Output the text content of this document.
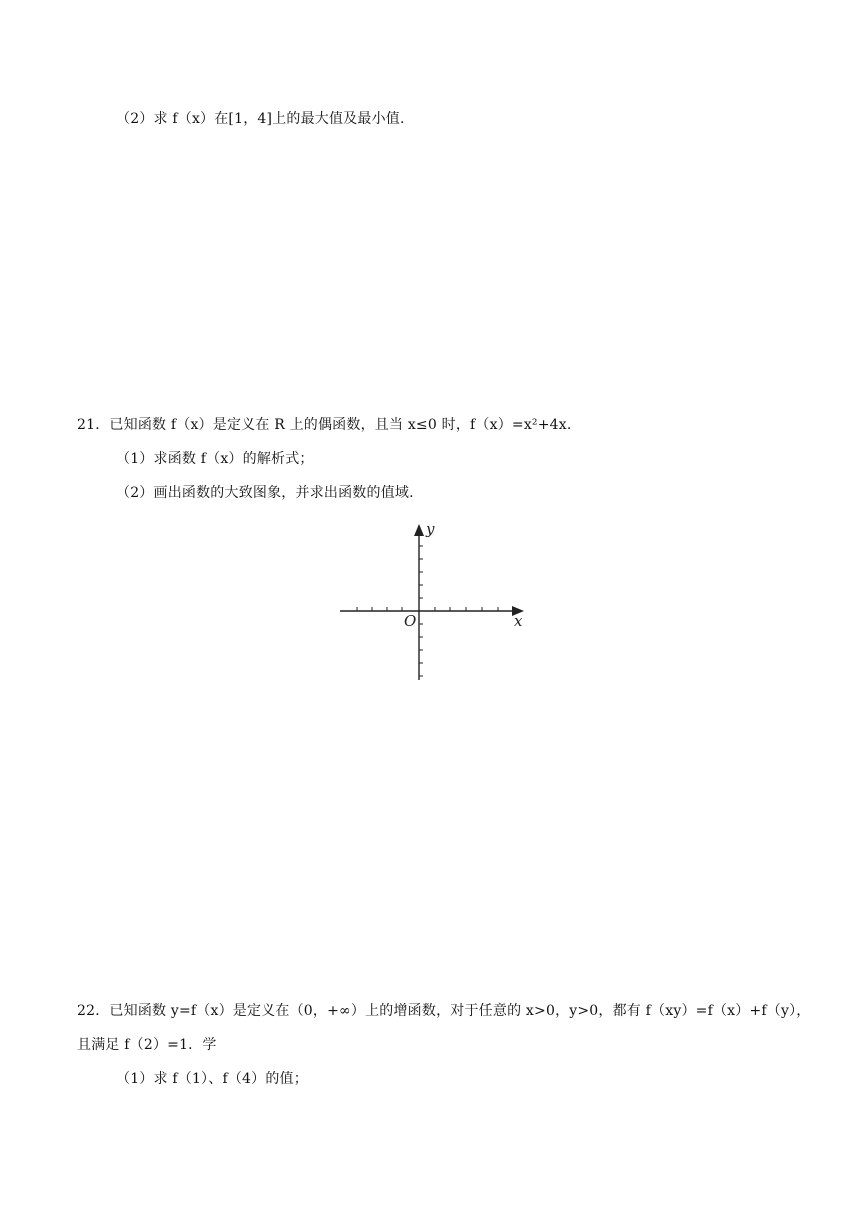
（2）求 f（x）在[1，4]上的最大值及最小值.
21．已知函数 f（x）是定义在 R 上的偶函数，且当 x≤0 时，f（x）=x²+4x.
（1）求函数 f（x）的解析式；
（2）画出函数的大致图象，并求出函数的值域.
y
x
O
22．已知函数 y=f（x）是定义在（0，+∞）上的增函数，对于任意的 x>0，y>0，都有 f（xy）=f（x）+f（y），
且满足 f（2）=1．学
（1）求 f（1）、f（4）的值；
